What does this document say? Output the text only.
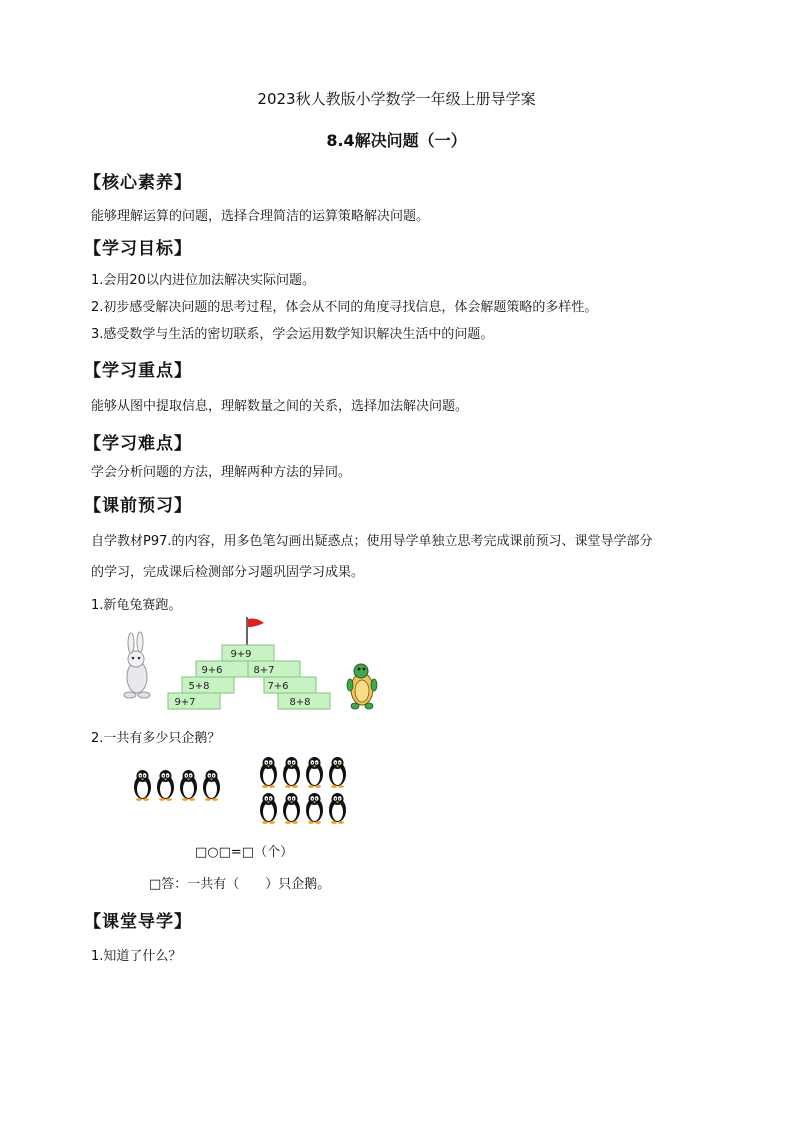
2023秋人教版小学数学一年级上册导学案
8.4解决问题（一）
【核心素养】
能够理解运算的问题，选择合理简洁的运算策略解决问题。
【学习目标】
1.会用20以内进位加法解决实际问题。
2.初步感受解决问题的思考过程，体会从不同的角度寻找信息，体会解题策略的多样性。
3.感受数学与生活的密切联系，学会运用数学知识解决生活中的问题。
【学习重点】
能够从图中提取信息，理解数量之间的关系，选择加法解决问题。
【学习难点】
学会分析问题的方法，理解两种方法的异同。
【课前预习】
自学教材P97.的内容，用多色笔勾画出疑惑点；使用导学单独立思考完成课前预习、课堂导学部分
的学习，完成课后检测部分习题巩固学习成果。
1.新龟兔赛跑。
9+9
9+6	8+7
5+8	7+6
9+7	8+8
2.一共有多少只企鹅？
□○□=□（个）
□答：一共有（　　）只企鹅。
【课堂导学】
1.知道了什么？
